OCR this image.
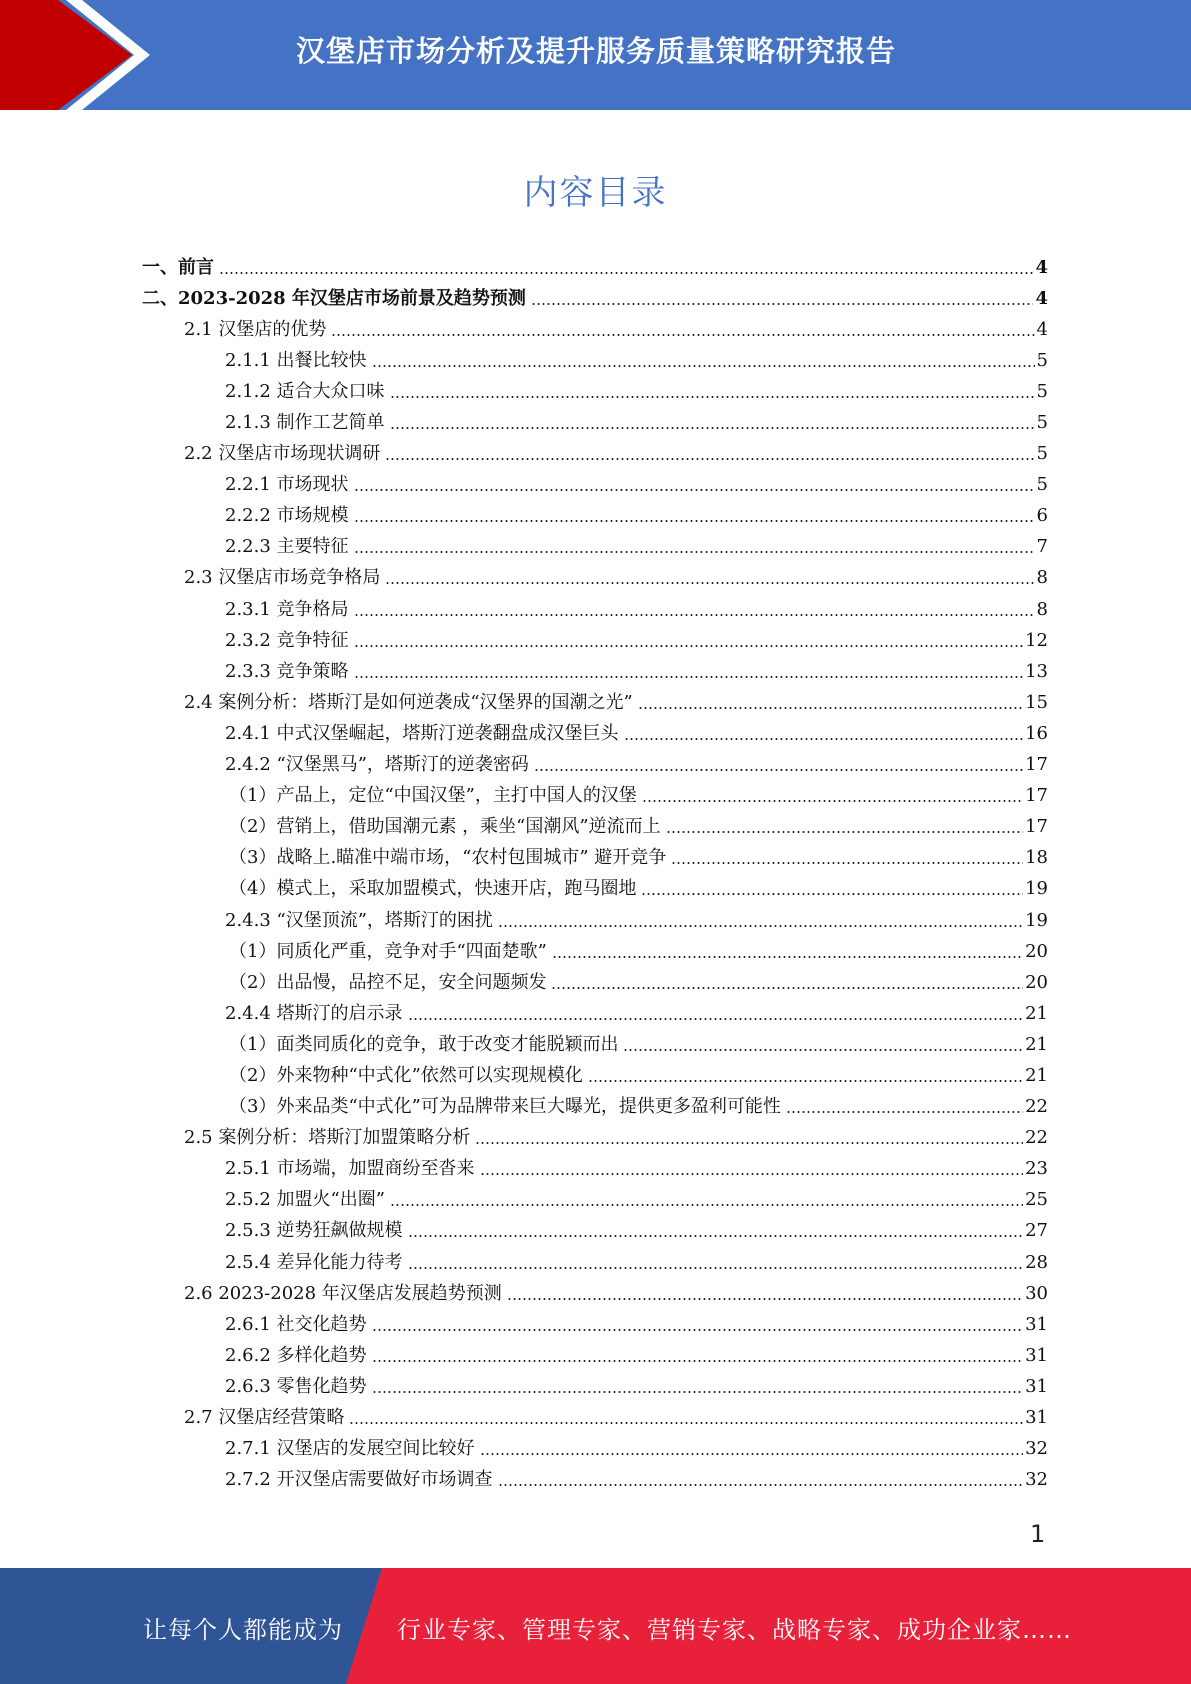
汉堡店市场分析及提升服务质量策略研究报告
内容目录
一、前言	4
二、2023-2028 年汉堡店市场前景及趋势预测	4
2.1 汉堡店的优势	4
2.1.1 出餐比较快	5
2.1.2 适合大众口味	5
2.1.3 制作工艺简单	5
2.2 汉堡店市场现状调研	5
2.2.1 市场现状	5
2.2.2 市场规模	6
2.2.3 主要特征	7
2.3 汉堡店市场竞争格局	8
2.3.1 竞争格局	8
2.3.2 竞争特征	12
2.3.3 竞争策略	13
2.4 案例分析：塔斯汀是如何逆袭成“汉堡界的国潮之光”	15
2.4.1 中式汉堡崛起，塔斯汀逆袭翻盘成汉堡巨头	16
2.4.2 “汉堡黑马”，塔斯汀的逆袭密码	17
（1）产品上，定位“中国汉堡”，主打中国人的汉堡	17
（2）营销上，借助国潮元素 ，乘坐“国潮风”逆流而上	17
（3）战略上.瞄准中端市场，“农村包围城市” 避开竞争	18
（4）模式上，采取加盟模式，快速开店，跑马圈地	19
2.4.3 “汉堡顶流”，塔斯汀的困扰	19
（1）同质化严重，竞争对手“四面楚歌”	20
（2）出品慢，品控不足，安全问题频发	20
2.4.4 塔斯汀的启示录	21
（1）面类同质化的竞争，敢于改变才能脱颖而出	21
（2）外来物种“中式化”依然可以实现规模化	21
（3）外来品类“中式化”可为品牌带来巨大曝光，提供更多盈利可能性	22
2.5 案例分析：塔斯汀加盟策略分析	22
2.5.1 市场端，加盟商纷至沓来	23
2.5.2 加盟火“出圈”	25
2.5.3 逆势狂飙做规模	27
2.5.4 差异化能力待考	28
2.6 2023-2028 年汉堡店发展趋势预测	30
2.6.1 社交化趋势	31
2.6.2 多样化趋势	31
2.6.3 零售化趋势	31
2.7 汉堡店经营策略	31
2.7.1 汉堡店的发展空间比较好	32
2.7.2 开汉堡店需要做好市场调查	32
1
让每个人都能成为 行业专家、管理专家、营销专家、战略专家、成功企业家……
